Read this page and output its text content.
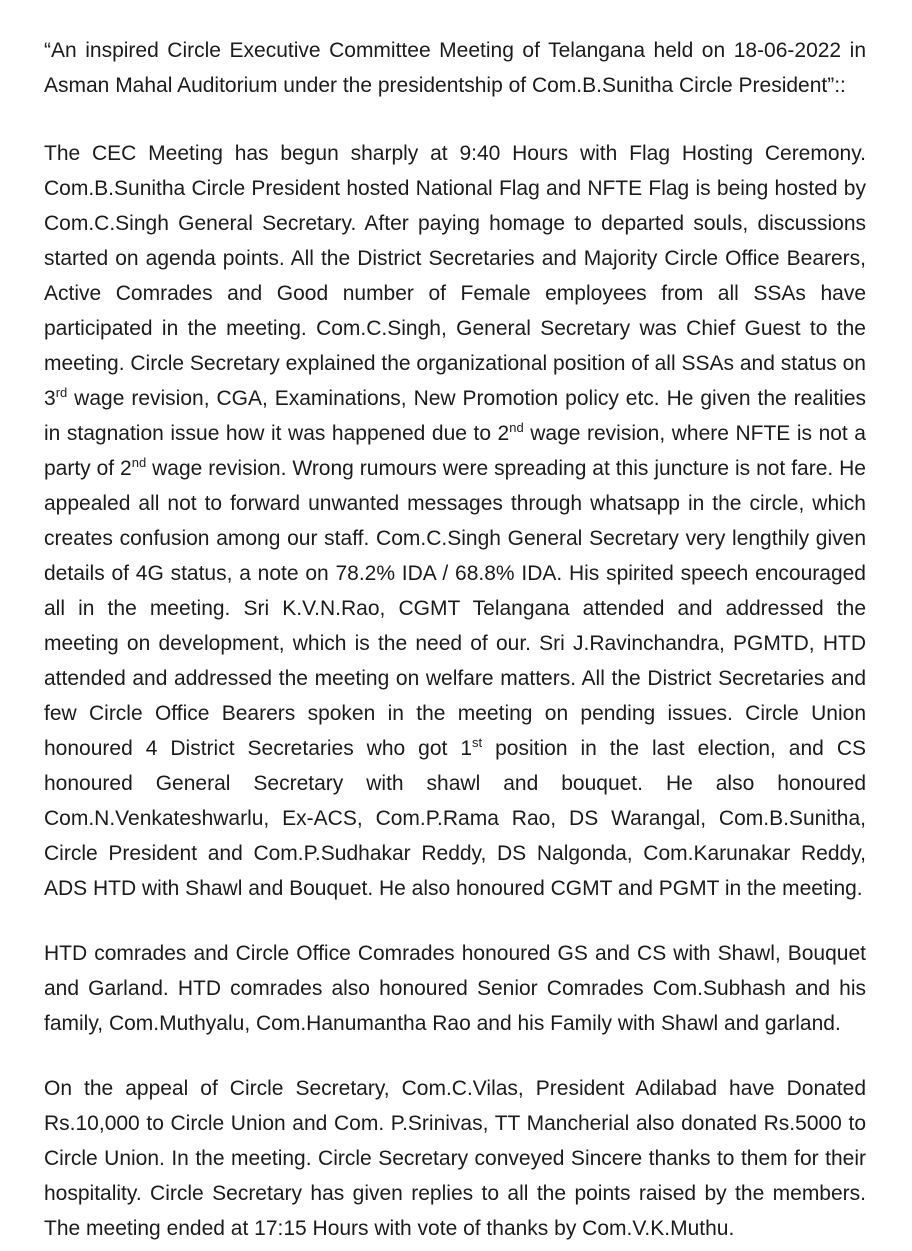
“An inspired Circle Executive Committee Meeting of Telangana held on 18-06-2022 in Asman Mahal Auditorium under the presidentship of Com.B.Sunitha Circle President”::

The CEC Meeting has begun sharply at 9:40 Hours with Flag Hosting Ceremony. Com.B.Sunitha Circle President hosted National Flag and NFTE Flag is being hosted by Com.C.Singh General Secretary. After paying homage to departed souls, discussions started on agenda points. All the District Secretaries and Majority Circle Office Bearers, Active Comrades and Good number of Female employees from all SSAs have participated in the meeting. Com.C.Singh, General Secretary was Chief Guest to the meeting. Circle Secretary explained the organizational position of all SSAs and status on 3rd wage revision, CGA, Examinations, New Promotion policy etc. He given the realities in stagnation issue how it was happened due to 2nd wage revision, where NFTE is not a party of 2nd wage revision. Wrong rumours were spreading at this juncture is not fare. He appealed all not to forward unwanted messages through whatsapp in the circle, which creates confusion among our staff. Com.C.Singh General Secretary very lengthily given details of 4G status, a note on 78.2% IDA / 68.8% IDA. His spirited speech encouraged all in the meeting. Sri K.V.N.Rao, CGMT Telangana attended and addressed the meeting on development, which is the need of our. Sri J.Ravinchandra, PGMTD, HTD attended and addressed the meeting on welfare matters. All the District Secretaries and few Circle Office Bearers spoken in the meeting on pending issues. Circle Union honoured 4 District Secretaries who got 1st position in the last election, and CS honoured General Secretary with shawl and bouquet. He also honoured Com.N.Venkateshwarlu, Ex-ACS, Com.P.Rama Rao, DS Warangal, Com.B.Sunitha, Circle President and Com.P.Sudhakar Reddy, DS Nalgonda, Com.Karunakar Reddy, ADS HTD with Shawl and Bouquet. He also honoured CGMT and PGMT in the meeting.

HTD comrades and Circle Office Comrades honoured GS and CS with Shawl, Bouquet and Garland. HTD comrades also honoured Senior Comrades Com.Subhash and his family, Com.Muthyalu, Com.Hanumantha Rao and his Family with Shawl and garland.

On the appeal of Circle Secretary, Com.C.Vilas, President Adilabad have Donated Rs.10,000 to Circle Union and Com. P.Srinivas, TT Mancherial also donated Rs.5000 to Circle Union. In the meeting. Circle Secretary conveyed Sincere thanks to them for their hospitality. Circle Secretary has given replies to all the points raised by the members. The meeting ended at 17:15 Hours with vote of thanks by Com.V.K.Muthu.
